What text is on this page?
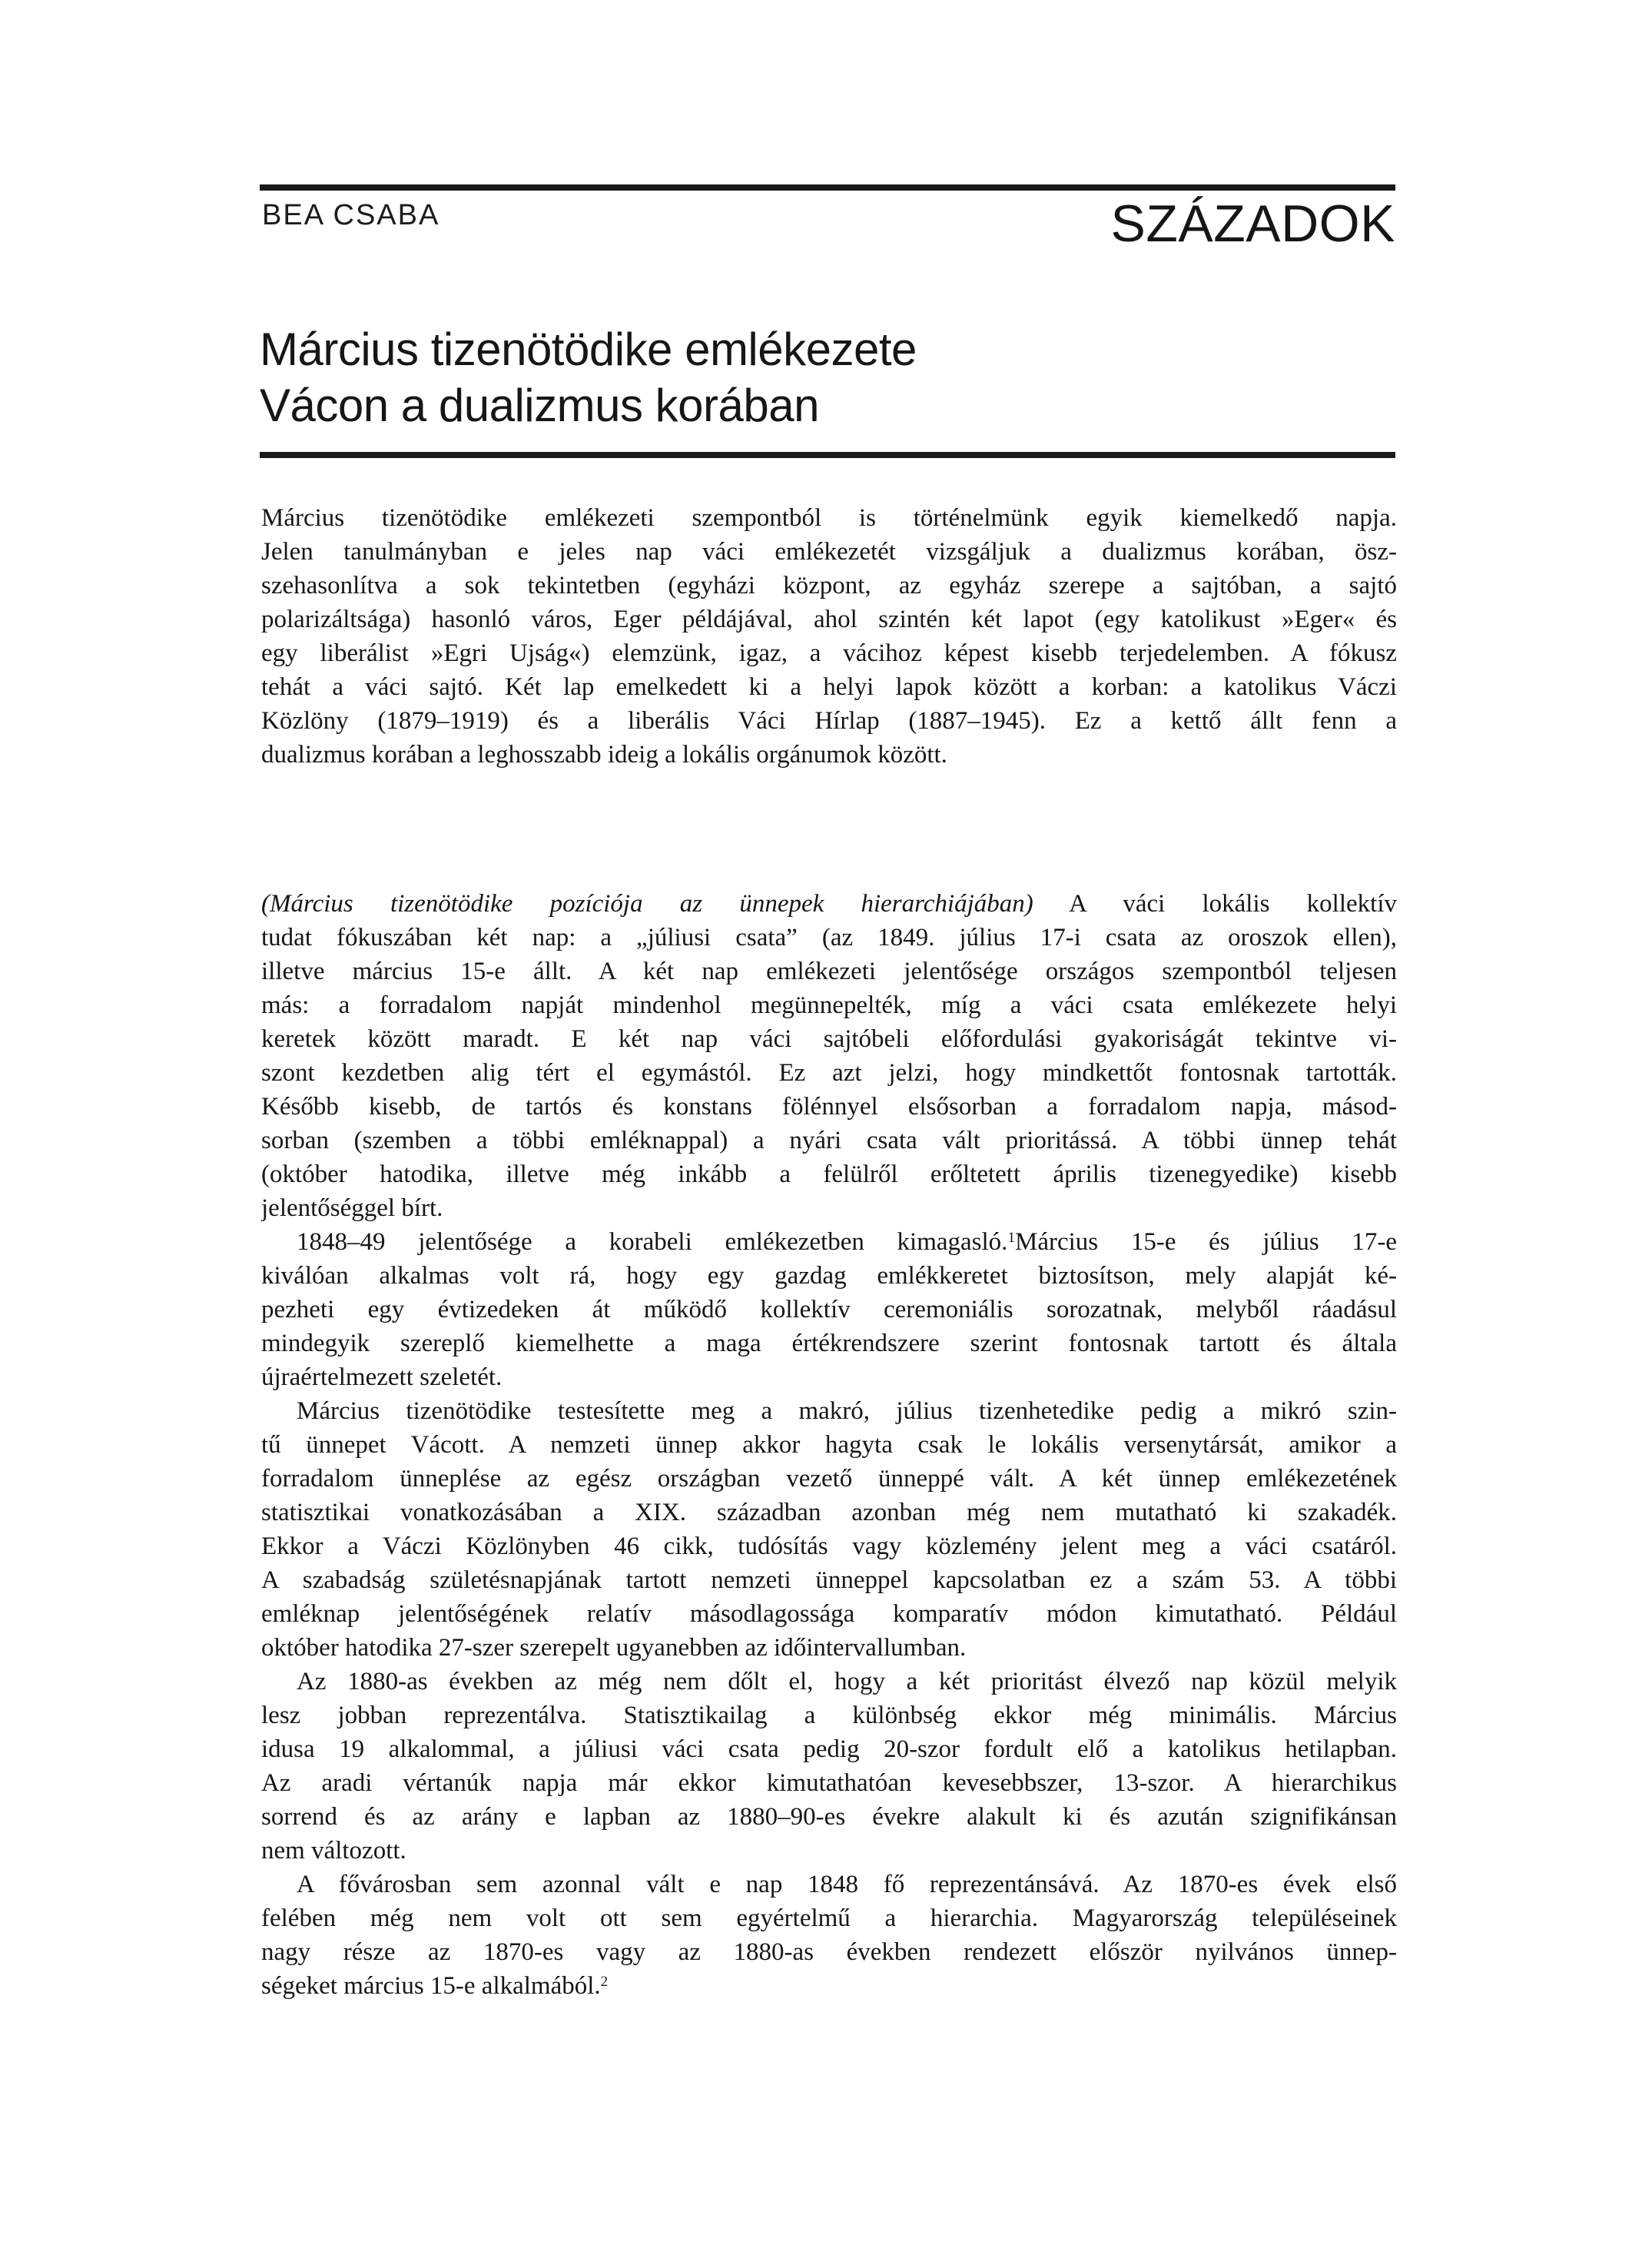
BEA CSABA	SZÁZADOK
Március tizenötödike emlékezete
Vácon a dualizmus korában
Március tizenötödike emlékezeti szempontból is történelmünk egyik kiemelkedő napja.
Jelen tanulmányban e jeles nap váci emlékezetét vizsgáljuk a dualizmus korában, ösz-
szehasonlítva a sok tekintetben (egyházi központ, az egyház szerepe a sajtóban, a sajtó
polarizáltsága) hasonló város, Eger példájával, ahol szintén két lapot (egy katolikust »Eger« és
egy liberálist »Egri Ujság«) elemzünk, igaz, a vácihoz képest kisebb terjedelemben. A fókusz
tehát a váci sajtó. Két lap emelkedett ki a helyi lapok között a korban: a katolikus Váczi
Közlöny (1879–1919) és a liberális Váci Hírlap (1887–1945). Ez a kettő állt fenn a
dualizmus korában a leghosszabb ideig a lokális orgánumok között.
(Március tizenötödike pozíciója az ünnepek hierarchiájában) A váci lokális kollektív
tudat fókuszában két nap: a „júliusi csata” (az 1849. július 17-i csata az oroszok ellen),
illetve március 15-e állt. A két nap emlékezeti jelentősége országos szempontból teljesen
más: a forradalom napját mindenhol megünnepelték, míg a váci csata emlékezete helyi
keretek között maradt. E két nap váci sajtóbeli előfordulási gyakoriságát tekintve vi-
szont kezdetben alig tért el egymástól. Ez azt jelzi, hogy mindkettőt fontosnak tartották.
Később kisebb, de tartós és konstans fölénnyel elsősorban a forradalom napja, másod-
sorban (szemben a többi emléknappal) a nyári csata vált prioritássá. A többi ünnep tehát
(október hatodika, illetve még inkább a felülről erőltetett április tizenegyedike) kisebb
jelentőséggel bírt.
1848–49 jelentősége a korabeli emlékezetben kimagasló.$^1$Március 15-e és július 17-e
kiválóan alkalmas volt rá, hogy egy gazdag emlékkeretet biztosítson, mely alapját ké-
pezheti egy évtizedeken át működő kollektív ceremoniális sorozatnak, melyből ráadásul
mindegyik szereplő kiemelhette a maga értékrendszere szerint fontosnak tartott és általa
újraértelmezett szeletét.
Március tizenötödike testesítette meg a makró, július tizenhetedike pedig a mikró szin-
tű ünnepet Vácott. A nemzeti ünnep akkor hagyta csak le lokális versenytársát, amikor a
forradalom ünneplése az egész országban vezető ünneppé vált. A két ünnep emlékezetének
statisztikai vonatkozásában a XIX. században azonban még nem mutatható ki szakadék.
Ekkor a Váczi Közlönyben 46 cikk, tudósítás vagy közlemény jelent meg a váci csatáról.
A szabadság születésnapjának tartott nemzeti ünneppel kapcsolatban ez a szám 53. A többi
emléknap jelentőségének relatív másodlagossága komparatív módon kimutatható. Például
október hatodika 27-szer szerepelt ugyanebben az időintervallumban.
Az 1880-as években az még nem dőlt el, hogy a két prioritást élvező nap közül melyik
lesz jobban reprezentálva. Statisztikailag a különbség ekkor még minimális. Március
idusa 19 alkalommal, a júliusi váci csata pedig 20-szor fordult elő a katolikus hetilapban.
Az aradi vértanúk napja már ekkor kimutathatóan kevesebbszer, 13-szor. A hierarchikus
sorrend és az arány e lapban az 1880–90-es évekre alakult ki és azután szignifikánsan
nem változott.
A fővárosban sem azonnal vált e nap 1848 fő reprezentánsává. Az 1870-es évek első
felében még nem volt ott sem egyértelmű a hierarchia. Magyarország településeinek
nagy része az 1870-es vagy az 1880-as években rendezett először nyilvános ünnep-
ségeket március 15-e alkalmából.$^2$
